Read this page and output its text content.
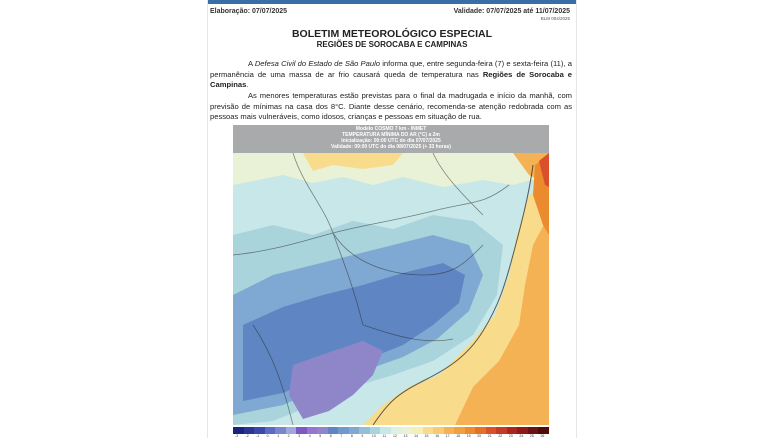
Elaboração: 07/07/2025	Validade: 07/07/2025 até 11/07/2025
BLM 004/2025
BOLETIM METEOROLÓGICO ESPECIAL
REGIÕES DE SOROCABA E CAMPINAS
     A Defesa Civil do Estado de São Paulo informa que, entre segunda-feira (7) e sexta-feira (11), a permanência de uma massa de ar frio causará queda de temperatura nas Regiões de Sorocaba e Campinas.
     As menores temperaturas estão previstas para o final da madrugada e início da manhã, com previsão de mínimas na casa dos 8°C. Diante desse cenário, recomenda-se atenção redobrada com as pessoas mais vulneráveis, como idosos, crianças e pessoas em situação de rua.
Modelo COSMO 7 km - INMET
TEMPERATURA MÍNIMA DO AR (°C) a 2m
Inicialização: 00:00 UTC do dia 07/07/2025
Validade: 09:00 UTC do dia 08/07/2025 (+ 33 horas)
-3 -2 -1 0 1 2 3 4 5 6 7 8 9 10 11 12 13 14 15 16 17 18 19 20 21 22 23 24 25 26
